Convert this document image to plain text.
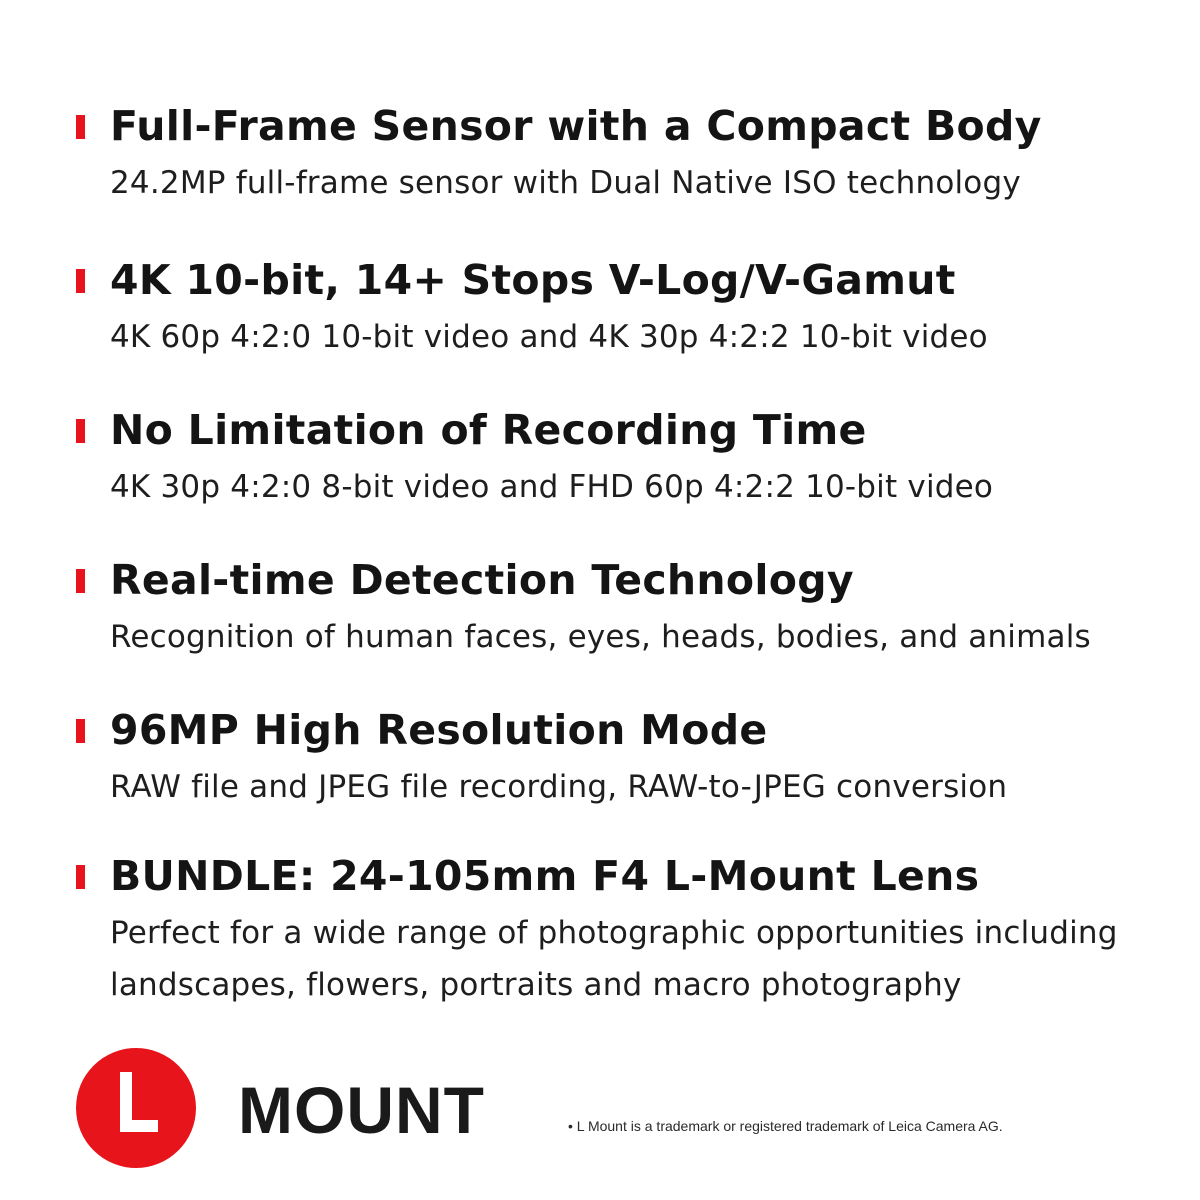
Full-Frame Sensor with a Compact Body
24.2MP full-frame sensor with Dual Native ISO technology
4K 10-bit, 14+ Stops V-Log/V-Gamut
4K 60p 4:2:0 10-bit video and 4K 30p 4:2:2 10-bit video
No Limitation of Recording Time
4K 30p 4:2:0 8-bit video and FHD 60p 4:2:2 10-bit video
Real-time Detection Technology
Recognition of human faces, eyes, heads, bodies, and animals
96MP High Resolution Mode
RAW file and JPEG file recording, RAW-to-JPEG conversion
BUNDLE: 24-105mm F4 L-Mount Lens
Perfect for a wide range of photographic opportunities including
landscapes, flowers, portraits and macro photography
MOUNT	• L Mount is a trademark or registered trademark of Leica Camera AG.
